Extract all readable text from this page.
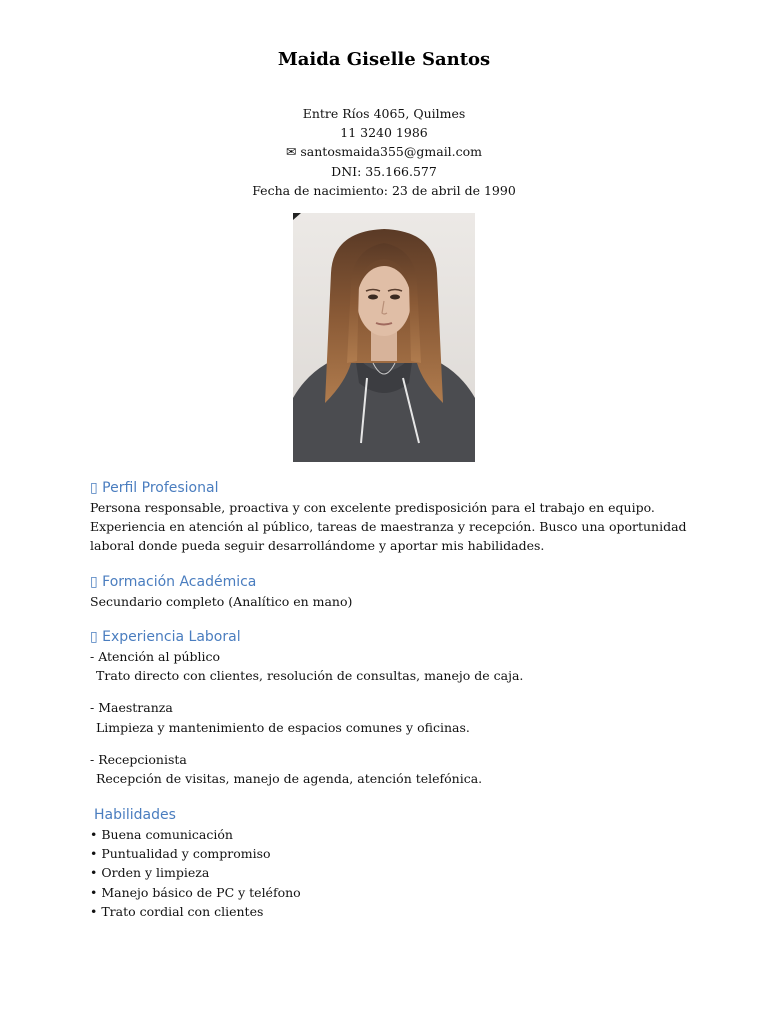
Maida Giselle Santos
Entre Ríos 4065, Quilmes
11 3240 1986
✉ santosmaida355@gmail.com
DNI: 35.166.577
Fecha de nacimiento: 23 de abril de 1990
▯ Perfil Profesional
Persona responsable, proactiva y con excelente predisposición para el trabajo en equipo.
Experiencia en atención al público, tareas de maestranza y recepción. Busco una oportunidad
laboral donde pueda seguir desarrollándome y aportar mis habilidades.
▯ Formación Académica
Secundario completo (Analítico en mano)
▯ Experiencia Laboral
- Atención al público
Trato directo con clientes, resolución de consultas, manejo de caja.
- Maestranza
Limpieza y mantenimiento de espacios comunes y oficinas.
- Recepcionista
Recepción de visitas, manejo de agenda, atención telefónica.
Habilidades
• Buena comunicación
• Puntualidad y compromiso
• Orden y limpieza
• Manejo básico de PC y teléfono
• Trato cordial con clientes
